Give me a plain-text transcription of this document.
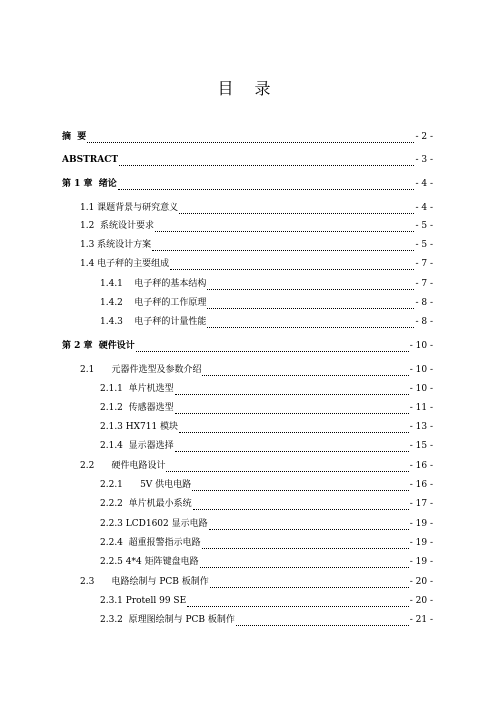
目 录
摘  要	- 2 -
ABSTRACT	- 3 -
第 1 章  绪论	- 4 -
1.1 课题背景与研究意义	- 4 -
1.2  系统设计要求	- 5 -
1.3 系统设计方案	- 5 -
1.4 电子秤的主要组成	- 7 -
1.4.1    电子秤的基本结构	- 7 -
1.4.2    电子秤的工作原理	- 8 -
1.4.3    电子秤的计量性能	- 8 -
第 2 章  硬件设计	- 10 -
2.1      元器件选型及参数介绍	- 10 -
2.1.1  单片机选型	- 10 -
2.1.2  传感器选型	- 11 -
2.1.3 HX711 模块	- 13 -
2.1.4  显示器选择	- 15 -
2.2      硬件电路设计	- 16 -
2.2.1      5V 供电电路	- 16 -
2.2.2  单片机最小系统	- 17 -
2.2.3 LCD1602 显示电路	- 19 -
2.2.4  超重报警指示电路	- 19 -
2.2.5 4*4 矩阵键盘电路	- 19 -
2.3      电路绘制与 PCB 板制作	- 20 -
2.3.1 Protell 99 SE	- 20 -
2.3.2  原理图绘制与 PCB 板制作	- 21 -
